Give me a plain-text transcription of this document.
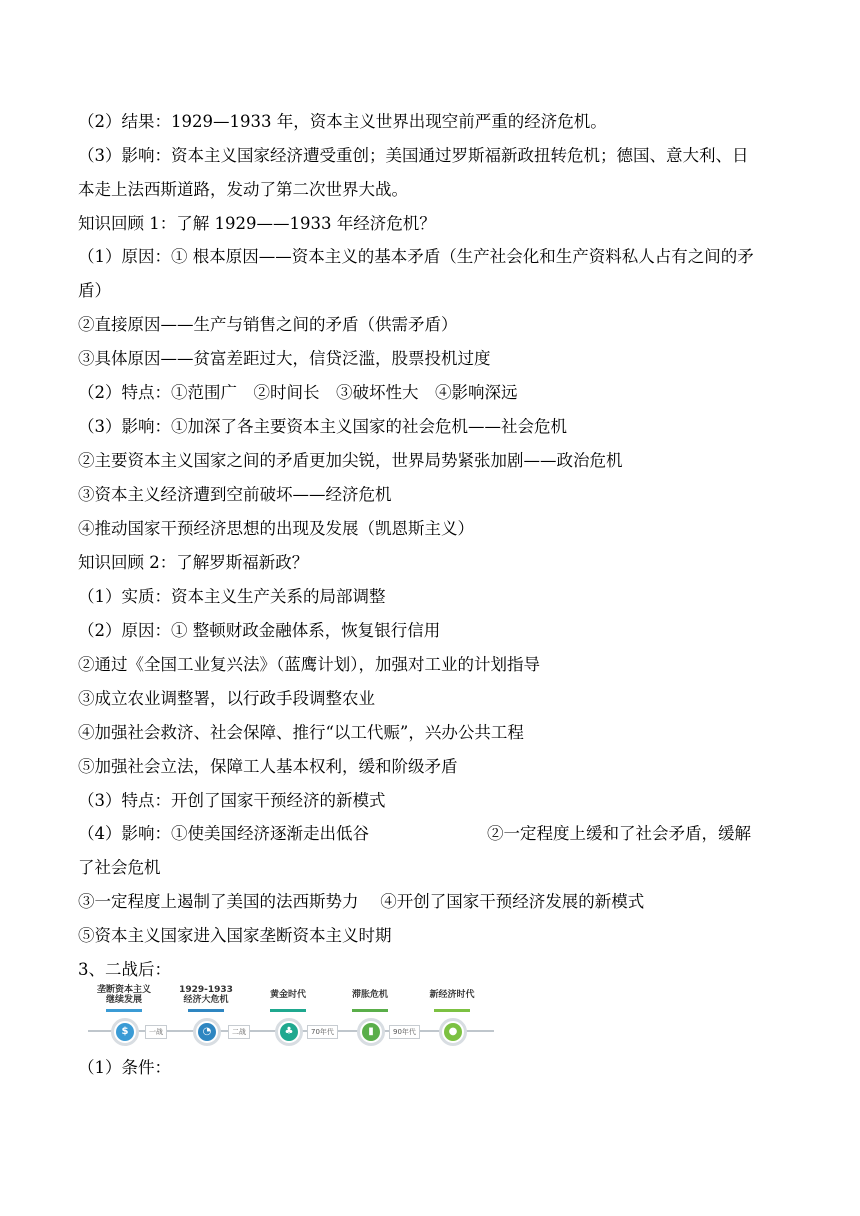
（2）结果：1929—1933 年，资本主义世界出现空前严重的经济危机。
（3）影响：资本主义国家经济遭受重创；美国通过罗斯福新政扭转危机；德国、意大利、日
本走上法西斯道路，发动了第二次世界大战。
知识回顾 1：了解 1929——1933 年经济危机？
（1）原因：① 根本原因——资本主义的基本矛盾（生产社会化和生产资料私人占有之间的矛
盾）
②直接原因——生产与销售之间的矛盾（供需矛盾）
③具体原因——贫富差距过大，信贷泛滥，股票投机过度
（2）特点：①范围广　②时间长　③破坏性大　④影响深远
（3）影响：①加深了各主要资本主义国家的社会危机——社会危机
②主要资本主义国家之间的矛盾更加尖锐，世界局势紧张加剧——政治危机
③资本主义经济遭到空前破坏——经济危机
④推动国家干预经济思想的出现及发展（凯恩斯主义）
知识回顾 2：了解罗斯福新政？
（1）实质：资本主义生产关系的局部调整
（2）原因：① 整顿财政金融体系，恢复银行信用
②通过《全国工业复兴法》（蓝鹰计划），加强对工业的计划指导
③成立农业调整署，以行政手段调整农业
④加强社会救济、社会保障、推行“以工代赈”，兴办公共工程
⑤加强社会立法，保障工人基本权利，缓和阶级矛盾
（3）特点：开创了国家干预经济的新模式
（4）影响：①使美国经济逐渐走出低谷	②一定程度上缓和了社会矛盾，缓解
了社会危机
③一定程度上遏制了美国的法西斯势力　 ④开创了国家干预经济发展的新模式
⑤资本主义国家进入国家垄断资本主义时期
3、二战后：
垄断资本主义
继续发展
$
1929-1933
经济大危机
◔
黄金时代
♣
滞胀危机
▮
新经济时代
●
一战	二战	70年代	90年代
（1）条件：
